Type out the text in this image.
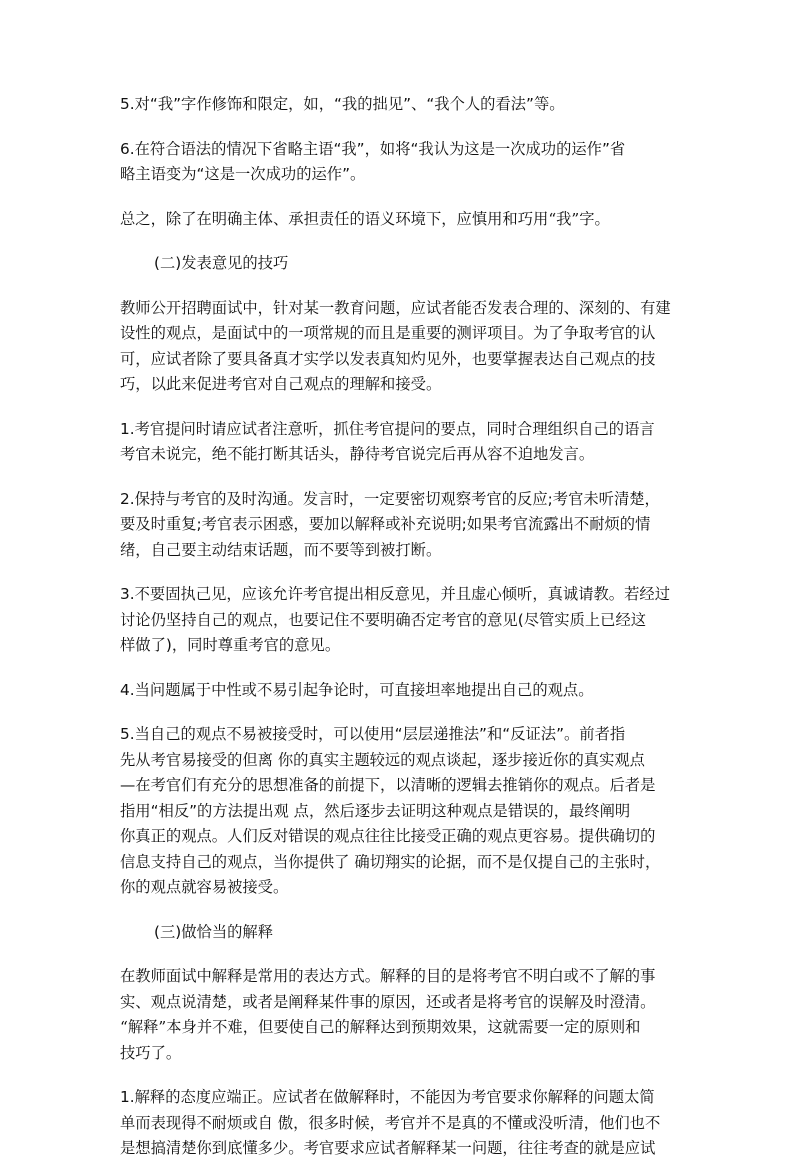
5.对“我”字作修饰和限定，如，“我的拙见”、“我个人的看法”等。
6.在符合语法的情况下省略主语“我”，如将“我认为这是一次成功的运作”省
略主语变为“这是一次成功的运作”。
总之，除了在明确主体、承担责任的语义环境下，应慎用和巧用“我”字。
(二)发表意见的技巧
教师公开招聘面试中，针对某一教育问题，应试者能否发表合理的、深刻的、有建
设性的观点，是面试中的一项常规的而且是重要的测评项目。为了争取考官的认
可，应试者除了要具备真才实学以发表真知灼见外，也要掌握表达自己观点的技
巧，以此来促进考官对自己观点的理解和接受。
1.考官提问时请应试者注意听，抓住考官提问的要点，同时合理组织自己的语言
考官未说完，绝不能打断其话头，静待考官说完后再从容不迫地发言。
2.保持与考官的及时沟通。发言时，一定要密切观察考官的反应;考官未听清楚，
要及时重复;考官表示困惑，要加以解释或补充说明;如果考官流露出不耐烦的情
绪，自己要主动结束话题，而不要等到被打断。
3.不要固执己见，应该允许考官提出相反意见，并且虚心倾听，真诚请教。若经过
讨论仍坚持自己的观点，也要记住不要明确否定考官的意见(尽管实质上已经这
样做了)，同时尊重考官的意见。
4.当问题属于中性或不易引起争论时，可直接坦率地提出自己的观点。
5.当自己的观点不易被接受时，可以使用“层层递推法”和“反证法”。前者指
先从考官易接受的但离 你的真实主题较远的观点谈起，逐步接近你的真实观点
—在考官们有充分的思想准备的前提下，以清晰的逻辑去推销你的观点。后者是
指用“相反”的方法提出观 点，然后逐步去证明这种观点是错误的，最终阐明
你真正的观点。人们反对错误的观点往往比接受正确的观点更容易。提供确切的
信息支持自己的观点，当你提供了 确切翔实的论据，而不是仅提自己的主张时，
你的观点就容易被接受。
(三)做恰当的解释
在教师面试中解释是常用的表达方式。解释的目的是将考官不明白或不了解的事
实、观点说清楚，或者是阐释某件事的原因，还或者是将考官的误解及时澄清。
“解释”本身并不难，但要使自己的解释达到预期效果，这就需要一定的原则和
技巧了。
1.解释的态度应端正。应试者在做解释时，不能因为考官要求你解释的问题太简
单而表现得不耐烦或自 傲，很多时候，考官并不是真的不懂或没听清，他们也不
是想搞清楚你到底懂多少。考官要求应试者解释某一问题，往往考查的就是应试
